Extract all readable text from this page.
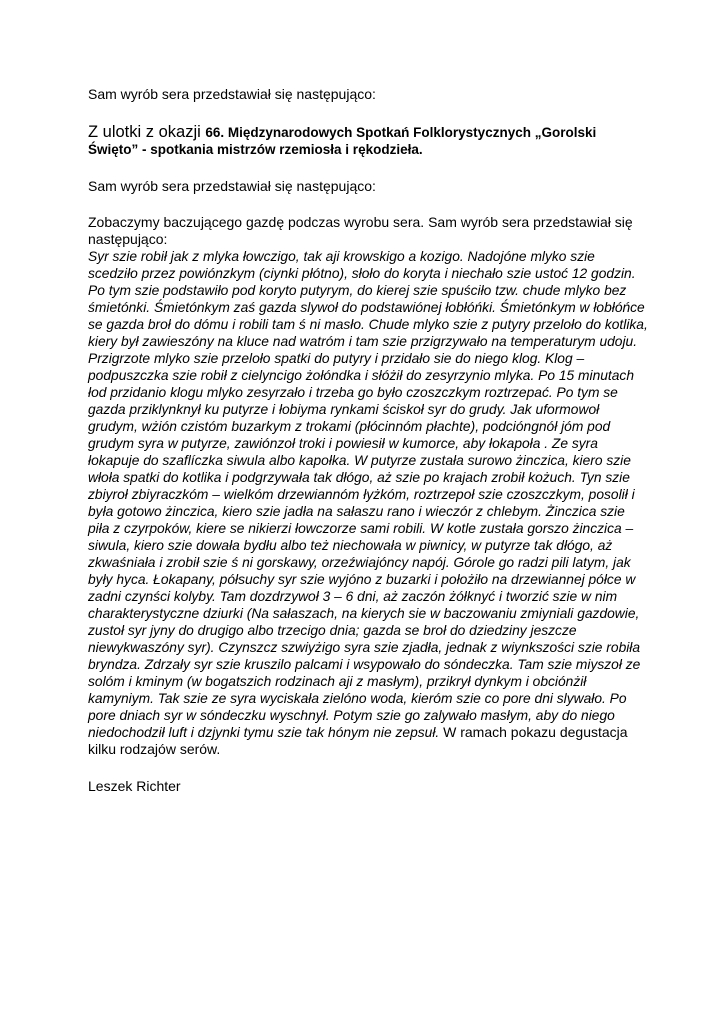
Sam wyrób sera przedstawiał się następująco:

Z ulotki z okazji 66. Międzynarodowych Spotkań Folklorystycznych „Gorolski Święto” - spotkania mistrzów rzemiosła i rękodzieła.

Sam wyrób sera przedstawiał się następująco:

Zobaczymy baczującego gazdę podczas wyrobu sera. Sam wyrób sera przedstawiał się następująco:
Syr szie robił jak z mlyka łowczigo, tak aji krowskigo a kozigo. Nadojóne mlyko szie scedziło przez powiónzkym (ciynki płótno), słoło do koryta i niechało szie ustoć 12 godzin. Po tym szie podstawiło pod koryto putyrym, do kierej szie spuściło tzw. chude mlyko bez śmietónki. Śmietónkym zaś gazda slywoł do podstawiónej łobłóńki. Śmietónkym w łobłóńce se gazda broł do dómu i robili tam ś ni masło. Chude mlyko szie z putyry przeloło do kotlika, kiery był zawieszóny na kluce nad watróm i tam szie przigrzywało na temperaturym udoju. Przigrzote mlyko szie przeloło spatki do putyry i przidało sie do niego klog. Klog – podpuszczka szie robił z cielyncigo żołóndka i słóżił do zesyrzynio mlyka. Po 15 minutach łod przidanio klogu mlyko zesyrzało i trzeba go było czoszczkym roztrzepać. Po tym se gazda przikl​ynknył ku putyrze i łobiyma rynkami ściskoł syr do grudy. Jak uformowoł grudym, wżión czistóm buzarkym z trokami (płócinnóm płachte), podcióngnół jóm pod grudym syra w putyrze, zawiónzoł troki i powiesił w kumorce, aby łokapoła . Ze syra łokapuje do szaflíczka siwula albo kapołka. W putyrze zustała surowo żinczica, kiero szie włoła spatki do kotlika i podgrzywała tak dłógo, aż szie po krajach zrobił kożuch. Tyn szie zbiyroł zbiyraczkóm – wielkóm drzewiannóm łyżkóm, roztrzepoł szie czoszczkym, posolił i była gotowo żinczica, kiero szie jadła na sałaszu rano i wieczór z chlebym. Żinczica szie piła z czyrpoków, kiere se nikierzi łowczorze sami robili. W kotle zustała gorszo żinczica – siwula, kiero szie dowała bydłu albo też niechowała w piwnicy, w putyrze tak dłógo, aż zkwaśniała i zrobił szie ś ni gorskawy, orzeźwiajóncy napój. Górole go radzi pili latym, jak były hyca. Łokapany, półsuchy syr szie wyjóno z buzarki i położiło na drzewiannej półce w zadni czynści kolyby. Tam dozdrzywoł 3 – 6 dni, aż zaczón żółknyć i tworzić szie w nim charakterystyczne dziurki (Na sałaszach, na kierych sie w baczowaniu zmiyniali gazdowie, zustoł syr jyny do drugigo albo trzecigo dnia; gazda se broł do dziedziny jeszcze niewykwaszóny syr). Czynszcz szwiyżigo syra szie zjadła, jednak z wiynkszości szie robiła bryndza. Zdrzały syr szie kruszilo palcami i wsypowało do sóndeczka. Tam szie miyszoł ze solóm i kminym (w bogatszich rodzinach aji z masłym), przikrył dynkym i obciónżił kamyniym. Tak szie ze syra wyciskała zielóno woda, kieróm szie co pore dni slywało. Po pore dniach syr w sóndeczku wyschnył. Potym szie go zalywało masłym, aby do niego niedochodził luft i dzjynki tymu szie tak hónym nie zepsuł. W ramach pokazu degustacja kilku rodzajów serów.

Leszek Richter
